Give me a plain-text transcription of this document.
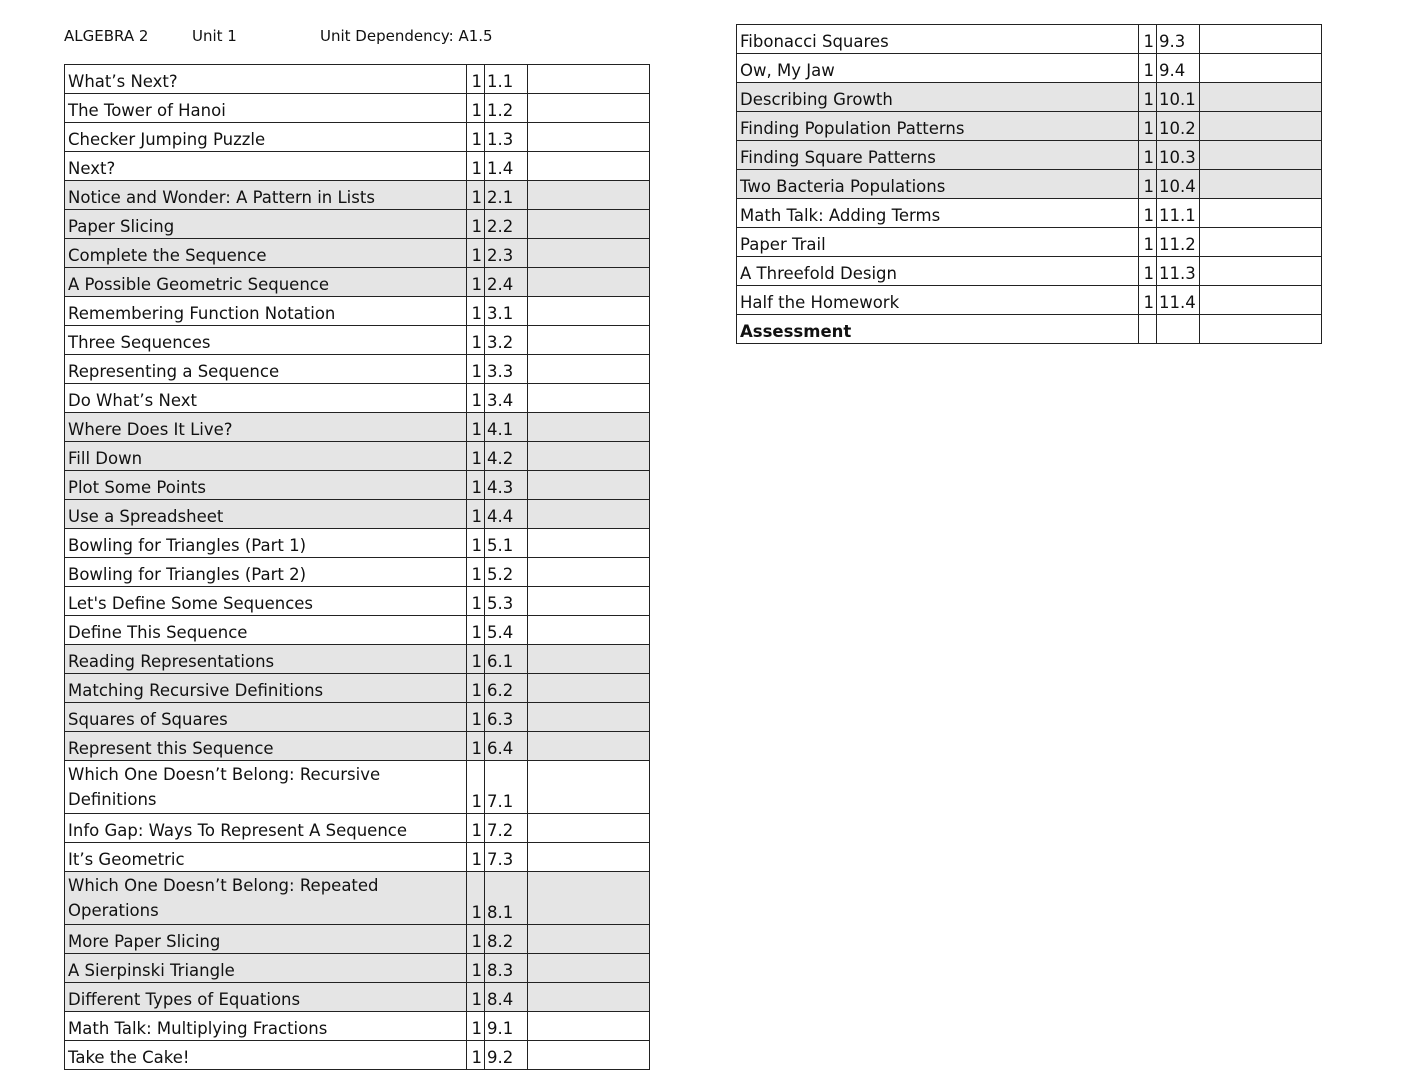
ALGEBRA 2	Unit 1	Unit Dependency: A1.5
What’s Next?	1	1.1	
The Tower of Hanoi	1	1.2	
Checker Jumping Puzzle	1	1.3	
Next?	1	1.4	
Notice and Wonder: A Pattern in Lists	1	2.1	
Paper Slicing	1	2.2	
Complete the Sequence	1	2.3	
A Possible Geometric Sequence	1	2.4	
Remembering Function Notation	1	3.1	
Three Sequences	1	3.2	
Representing a Sequence	1	3.3	
Do What’s Next	1	3.4	
Where Does It Live?	1	4.1	
Fill Down	1	4.2	
Plot Some Points	1	4.3	
Use a Spreadsheet	1	4.4	
Bowling for Triangles (Part 1)	1	5.1	
Bowling for Triangles (Part 2)	1	5.2	
Let's Define Some Sequences	1	5.3	
Define This Sequence	1	5.4	
Reading Representations	1	6.1	
Matching Recursive Definitions	1	6.2	
Squares of Squares	1	6.3	
Represent this Sequence	1	6.4	
Which One Doesn’t Belong: Recursive Definitions	1	7.1	
Info Gap: Ways To Represent A Sequence	1	7.2	
It’s Geometric	1	7.3	
Which One Doesn’t Belong: Repeated Operations	1	8.1	
More Paper Slicing	1	8.2	
A Sierpinski Triangle	1	8.3	
Different Types of Equations	1	8.4	
Math Talk: Multiplying Fractions	1	9.1	
Take the Cake!	1	9.2	
Fibonacci Squares	1	9.3	
Ow, My Jaw	1	9.4	
Describing Growth	1	10.1	
Finding Population Patterns	1	10.2	
Finding Square Patterns	1	10.3	
Two Bacteria Populations	1	10.4	
Math Talk: Adding Terms	1	11.1	
Paper Trail	1	11.2	
A Threefold Design	1	11.3	
Half the Homework	1	11.4	
Assessment			
